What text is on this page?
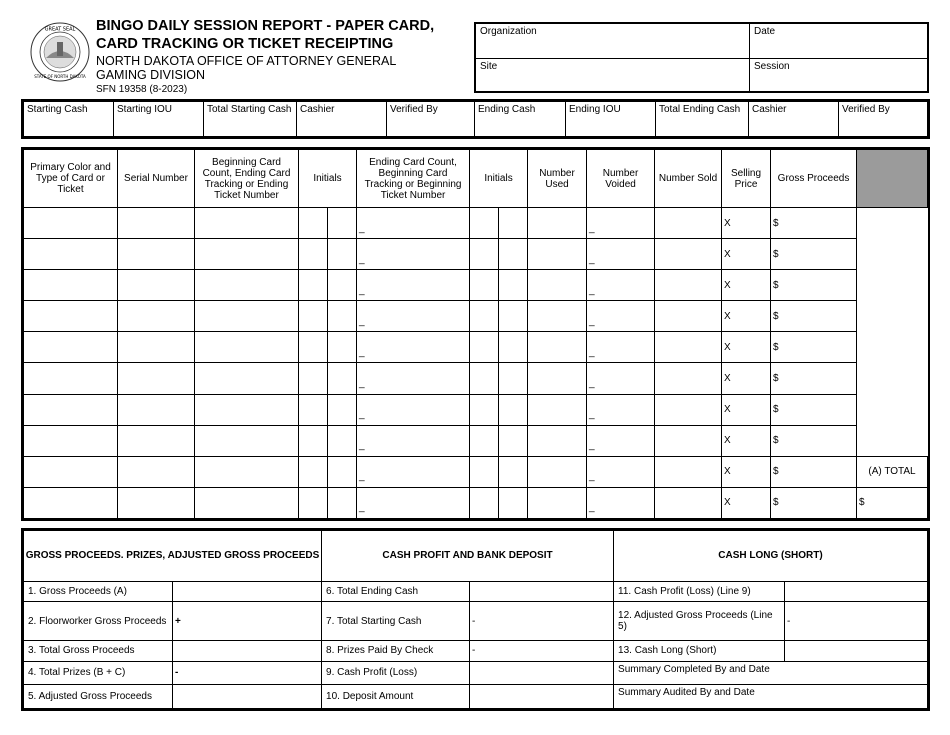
GREAT SEAL
STATE OF NORTH DAKOTA
BINGO DAILY SESSION REPORT - PAPER CARD,
CARD TRACKING OR TICKET RECEIPTING
NORTH DAKOTA OFFICE OF ATTORNEY GENERAL
GAMING DIVISION
SFN 19358 (8-2023)
Organization	Date
Site	Session
Starting Cash	Starting IOU	Total Starting Cash	Cashier	Verified By	Ending Cash	Ending IOU	Total Ending Cash	Cashier	Verified By
Primary Color and Type of Card or Ticket	Serial Number	Beginning Card Count, Ending Card Tracking or Ending Ticket Number	Initials		Ending Card Count, Beginning Card Tracking or Beginning Ticket Number	Initials		Number Used	Number Voided	Number Sold	Selling Price	Gross Proceeds	
					_				_		X	$	
					_				_		X	$	
					_				_		X	$	
					_				_		X	$	
					_				_		X	$	
					_				_		X	$	
					_				_		X	$	
					_				_		X	$	
					_				_		X	$	(A) TOTAL
					_				_		X	$	$
GROSS PROCEEDS. PRIZES, ADJUSTED GROSS PROCEEDS		CASH PROFIT AND BANK DEPOSIT		CASH LONG (SHORT)	
1. Gross Proceeds (A)		6. Total Ending Cash		11. Cash Profit (Loss) (Line 9)	
2. Floorworker Gross Proceeds	+	7. Total Starting Cash	-	12. Adjusted Gross Proceeds (Line 5)	-
3. Total Gross Proceeds		8. Prizes Paid By Check	-	13. Cash Long (Short)	
4. Total Prizes (B + C)	-	9. Cash Profit (Loss)		Summary Completed By and Date	
5. Adjusted Gross Proceeds		10. Deposit Amount		Summary Audited By and Date	
